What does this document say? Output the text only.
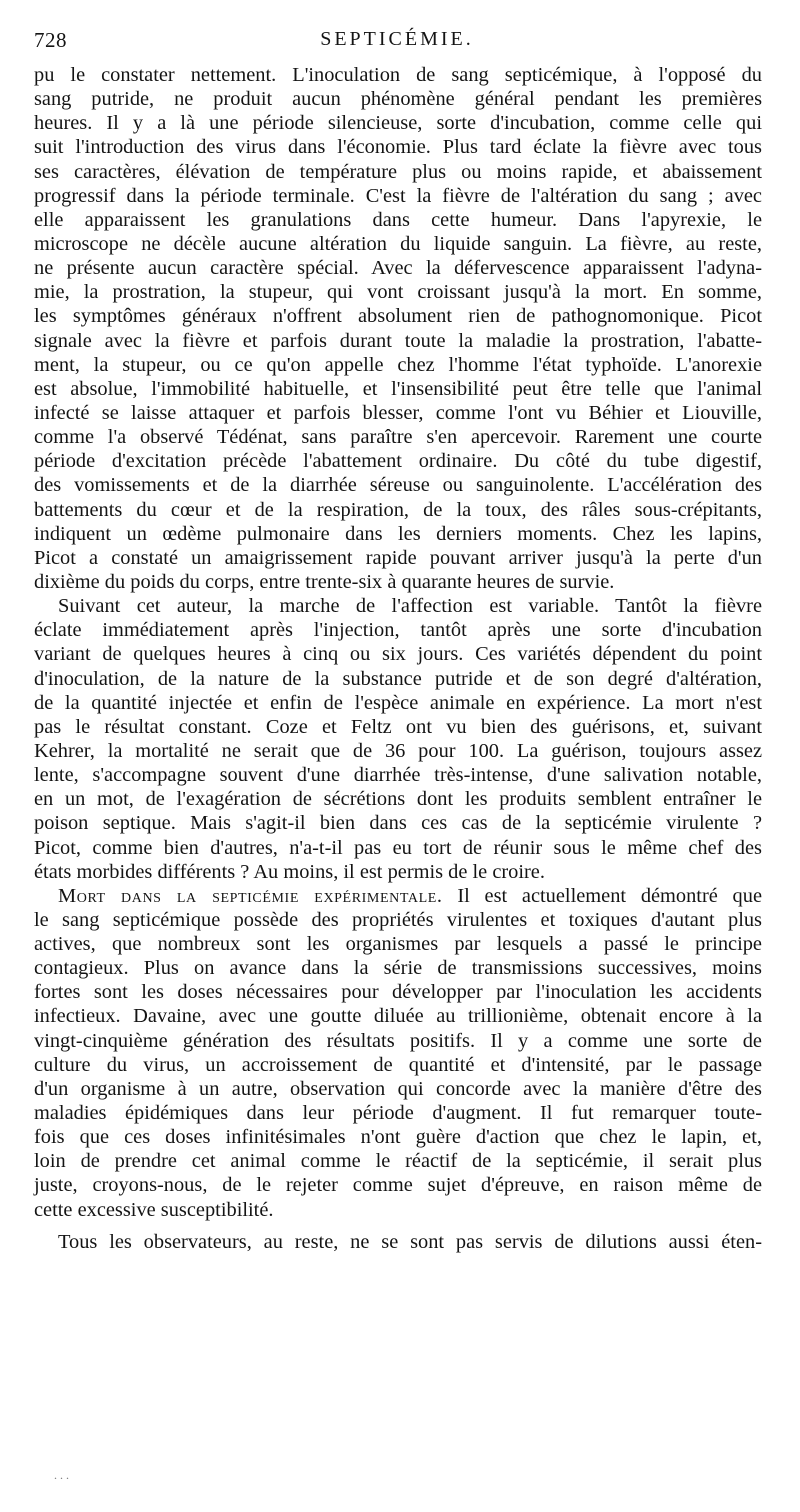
728	SEPTICÉMIE.
pu le constater nettement. L'inoculation de sang septicémique, à l'opposé du
sang putride, ne produit aucun phénomène général pendant les premières
heures. Il y a là une période silencieuse, sorte d'incubation, comme celle qui
suit l'introduction des virus dans l'économie. Plus tard éclate la fièvre avec tous
ses caractères, élévation de température plus ou moins rapide, et abaissement
progressif dans la période terminale. C'est la fièvre de l'altération du sang ; avec
elle apparaissent les granulations dans cette humeur. Dans l'apyrexie, le
microscope ne décèle aucune altération du liquide sanguin. La fièvre, au reste,
ne présente aucun caractère spécial. Avec la défervescence apparaissent l'adyna-
mie, la prostration, la stupeur, qui vont croissant jusqu'à la mort. En somme,
les symptômes généraux n'offrent absolument rien de pathognomonique. Picot
signale avec la fièvre et parfois durant toute la maladie la prostration, l'abatte-
ment, la stupeur, ou ce qu'on appelle chez l'homme l'état typhoïde. L'anorexie
est absolue, l'immobilité habituelle, et l'insensibilité peut être telle que l'animal
infecté se laisse attaquer et parfois blesser, comme l'ont vu Béhier et Liouville,
comme l'a observé Tédénat, sans paraître s'en apercevoir. Rarement une courte
période d'excitation précède l'abattement ordinaire. Du côté du tube digestif,
des vomissements et de la diarrhée séreuse ou sanguinolente. L'accélération des
battements du cœur et de la respiration, de la toux, des râles sous-crépitants,
indiquent un œdème pulmonaire dans les derniers moments. Chez les lapins,
Picot a constaté un amaigrissement rapide pouvant arriver jusqu'à la perte d'un
dixième du poids du corps, entre trente-six à quarante heures de survie.
Suivant cet auteur, la marche de l'affection est variable. Tantôt la fièvre
éclate immédiatement après l'injection, tantôt après une sorte d'incubation
variant de quelques heures à cinq ou six jours. Ces variétés dépendent du point
d'inoculation, de la nature de la substance putride et de son degré d'altération,
de la quantité injectée et enfin de l'espèce animale en expérience. La mort n'est
pas le résultat constant. Coze et Feltz ont vu bien des guérisons, et, suivant
Kehrer, la mortalité ne serait que de 36 pour 100. La guérison, toujours assez
lente, s'accompagne souvent d'une diarrhée très-intense, d'une salivation notable,
en un mot, de l'exagération de sécrétions dont les produits semblent entraîner le
poison septique. Mais s'agit-il bien dans ces cas de la septicémie virulente ?
Picot, comme bien d'autres, n'a-t-il pas eu tort de réunir sous le même chef des
états morbides différents ? Au moins, il est permis de le croire.
Mort dans la septicémie expérimentale. Il est actuellement démontré que
le sang septicémique possède des propriétés virulentes et toxiques d'autant plus
actives, que nombreux sont les organismes par lesquels a passé le principe
contagieux. Plus on avance dans la série de transmissions successives, moins
fortes sont les doses nécessaires pour développer par l'inoculation les accidents
infectieux. Davaine, avec une goutte diluée au trillionième, obtenait encore à la
vingt-cinquième génération des résultats positifs. Il y a comme une sorte de
culture du virus, un accroissement de quantité et d'intensité, par le passage
d'un organisme à un autre, observation qui concorde avec la manière d'être des
maladies épidémiques dans leur période d'augment. Il fut remarquer toute-
fois que ces doses infinitésimales n'ont guère d'action que chez le lapin, et,
loin de prendre cet animal comme le réactif de la septicémie, il serait plus
juste, croyons-nous, de le rejeter comme sujet d'épreuve, en raison même de
cette excessive susceptibilité.
Tous les observateurs, au reste, ne se sont pas servis de dilutions aussi éten-
...
